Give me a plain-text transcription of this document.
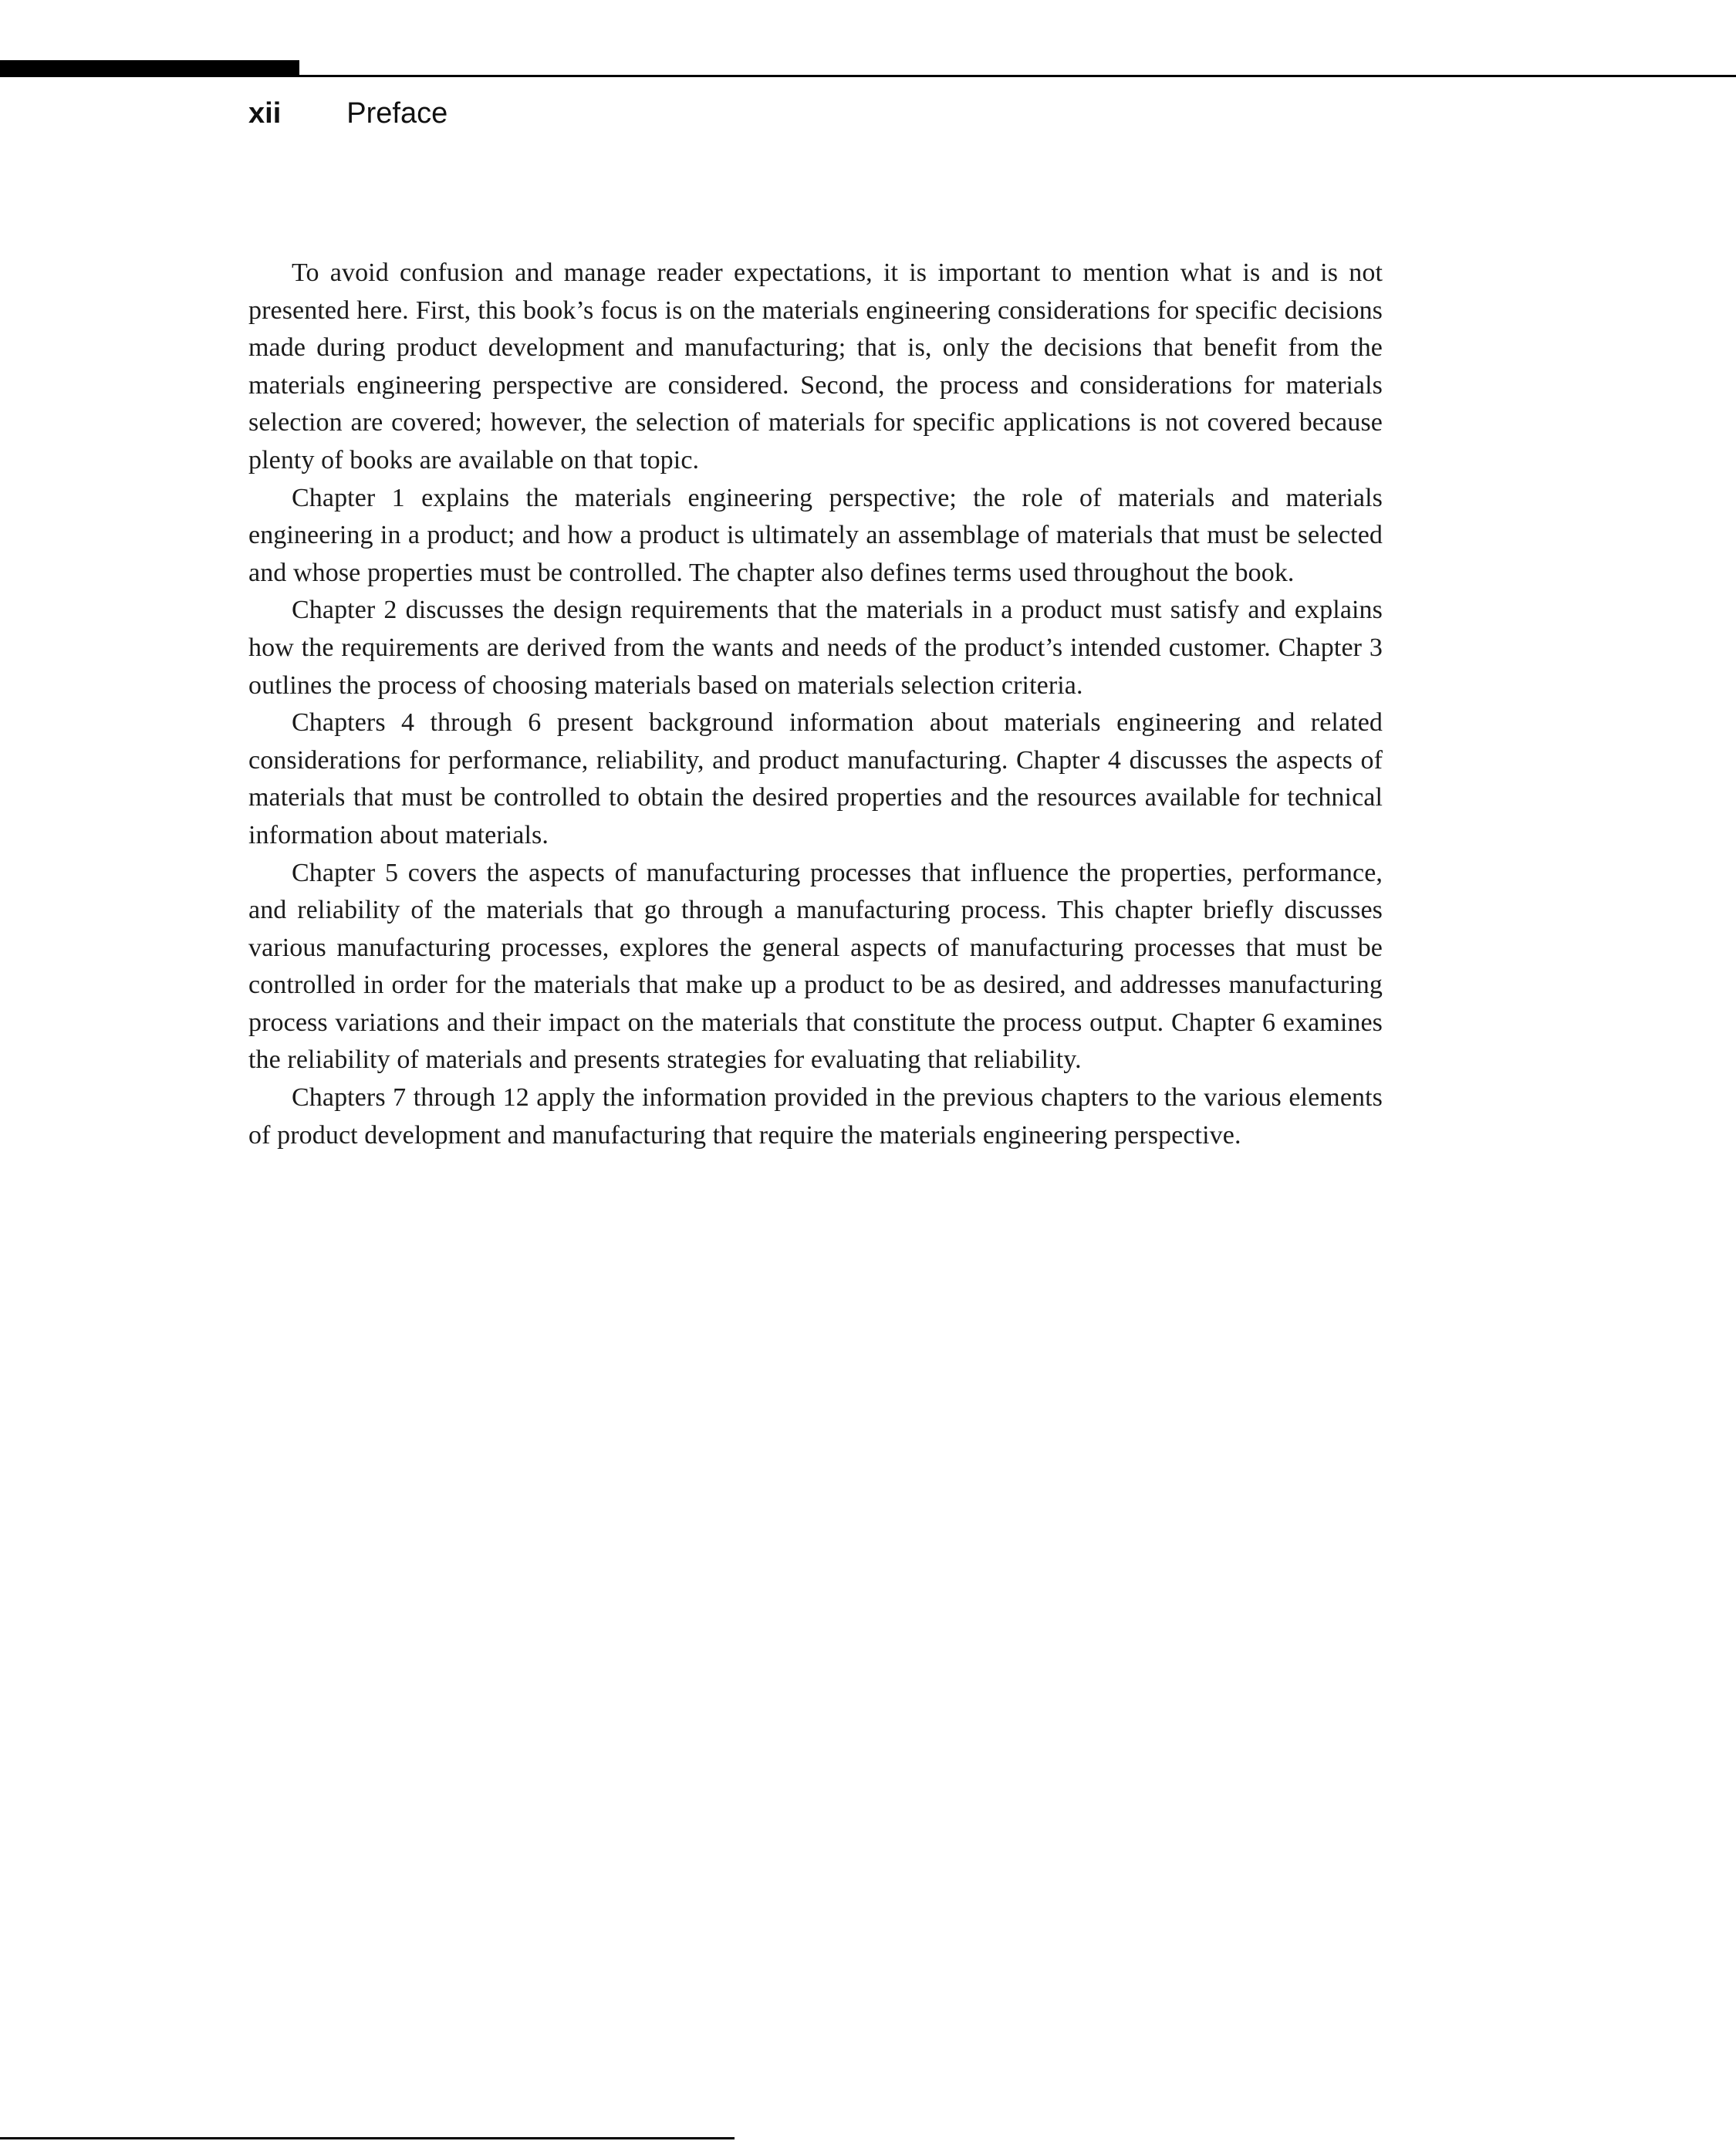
xii Preface

To avoid confusion and manage reader expectations, it is important to mention what is and is not presented here. First, this book’s focus is on the materials engineering considerations for specific decisions made during product development and manufacturing; that is, only the decisions that benefit from the materials engineering perspective are considered. Second, the process and considerations for materials selection are covered; however, the selection of materials for specific applications is not covered because plenty of books are available on that topic.

Chapter 1 explains the materials engineering perspective; the role of materials and materials engineering in a product; and how a product is ultimately an assemblage of materials that must be selected and whose properties must be controlled. The chapter also defines terms used throughout the book.

Chapter 2 discusses the design requirements that the materials in a product must satisfy and explains how the requirements are derived from the wants and needs of the product’s intended customer. Chapter 3 outlines the process of choosing materials based on materials selection criteria.

Chapters 4 through 6 present background information about materials engineering and related considerations for performance, reliability, and product manufacturing. Chapter 4 discusses the aspects of materials that must be controlled to obtain the desired properties and the resources available for technical information about materials.

Chapter 5 covers the aspects of manufacturing processes that influence the properties, performance, and reliability of the materials that go through a manufacturing process. This chapter briefly discusses various manufacturing processes, explores the general aspects of manufacturing processes that must be controlled in order for the materials that make up a product to be as desired, and addresses manufacturing process variations and their impact on the materials that constitute the process output. Chapter 6 examines the reliability of materials and presents strategies for evaluating that reliability.

Chapters 7 through 12 apply the information provided in the previous chapters to the various elements of product development and manufacturing that require the materials engineering perspective.
